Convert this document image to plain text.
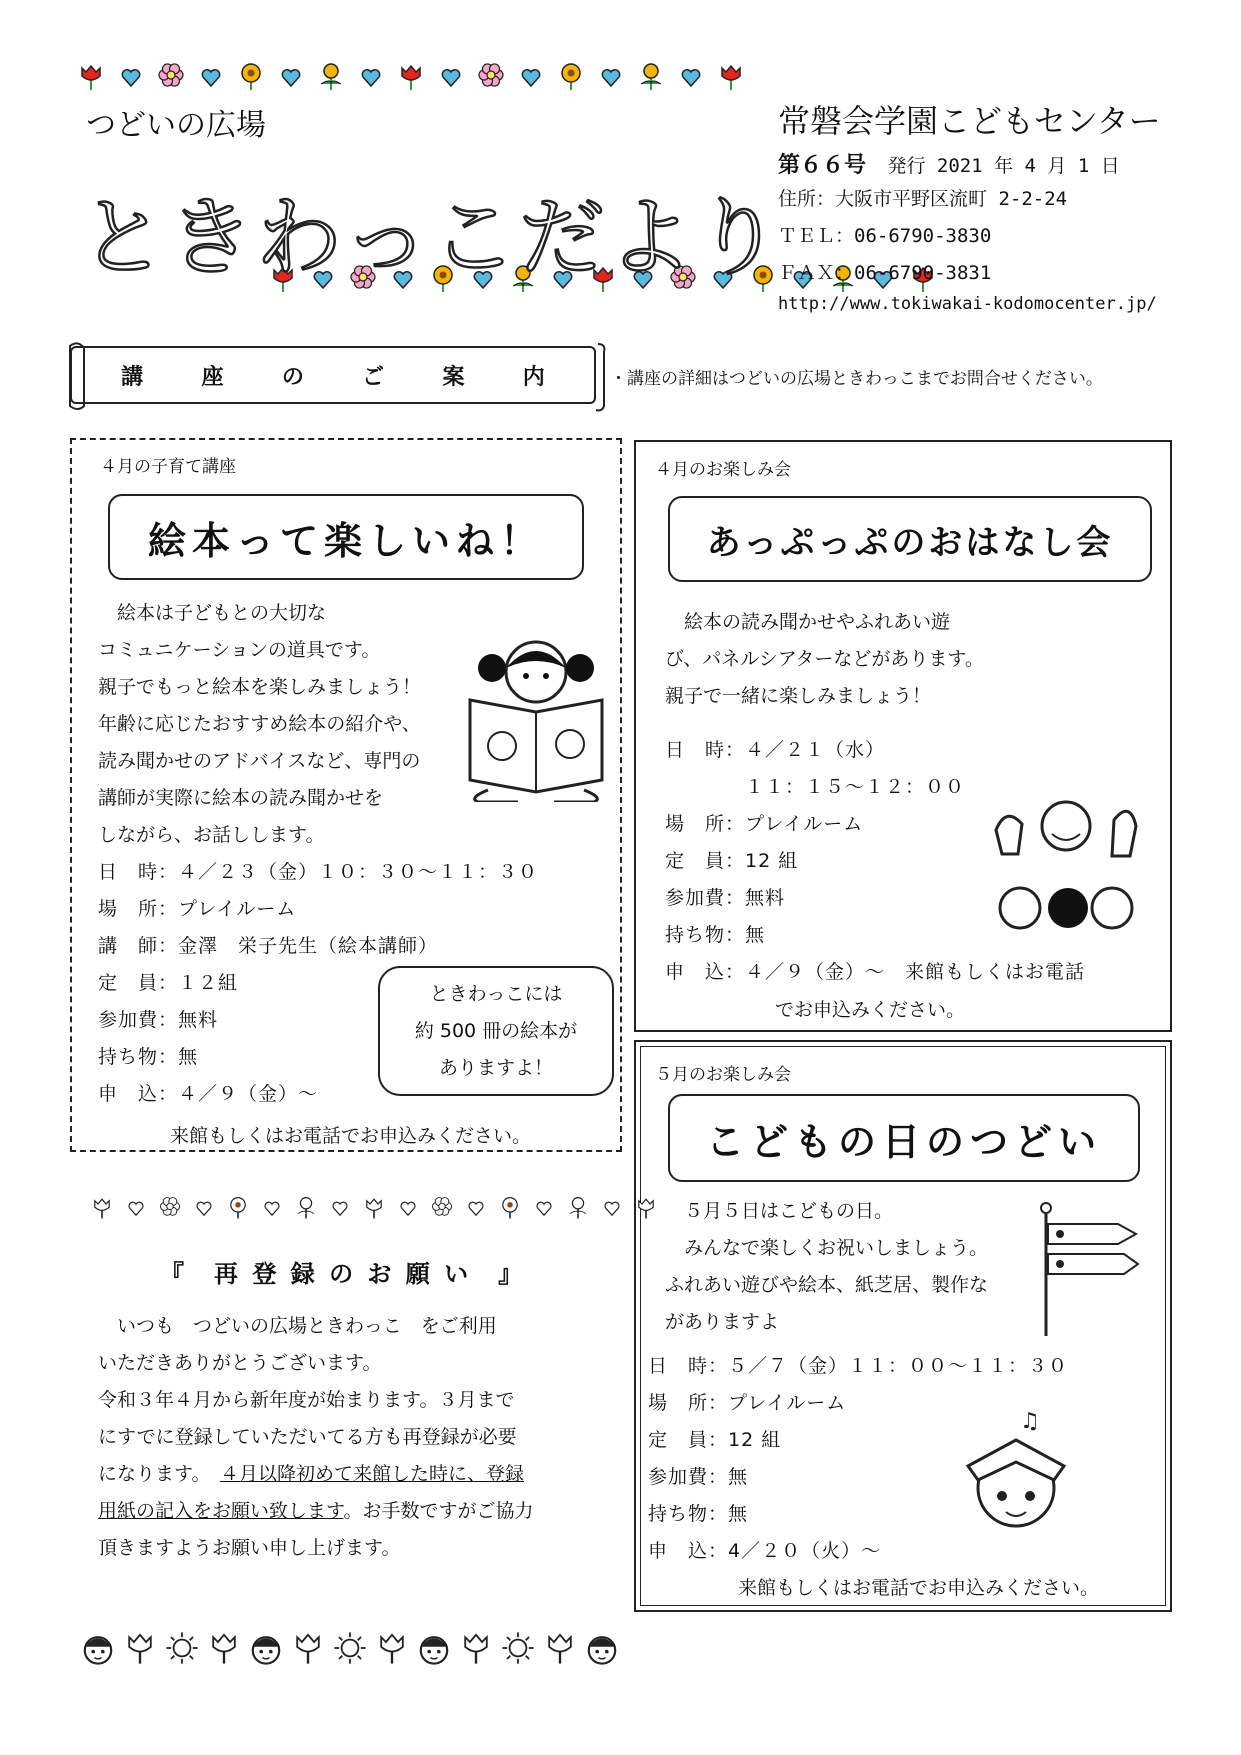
つどいの広場
ときわっこだより
常磐会学園こどもセンター
第６６号 発行 2021 年 4 月 1 日
住所：大阪市平野区流町 2-2-24
ＴＥＬ：06-6790-3830
ＦＡＸ：06-6790-3831
http://www.tokiwakai-kodomocenter.jp/
講	座	の	ご	案	内	・講座の詳細はつどいの広場ときわっこまでお問合せください。
４月の子育て講座
絵本って楽しいね！
　絵本は子どもとの大切な
コミュニケーションの道具です。
親子でもっと絵本を楽しみましょう！
年齢に応じたおすすめ絵本の紹介や、
読み聞かせのアドバイスなど、専門の
講師が実際に絵本の読み聞かせを
しながら、お話しします。
日　時：４／２３（金）１０：３０～１１：３０
場　所：プレイルーム
講　師：金澤　栄子先生（絵本講師）
定　員：１２組
参加費：無料
持ち物：無
申　込：４／９（金）～
来館もしくはお電話でお申込みください。
ときわっこには
約 500 冊の絵本が
ありますよ！
４月のお楽しみ会
あっぷっぷのおはなし会
　絵本の読み聞かせやふれあい遊
び、パネルシアターなどがあります。
親子で一緒に楽しみましょう！
日　時：４／２１（水）
　　　　１１：１５～１２：００
場　所：プレイルーム
定　員：12 組
参加費：無料
持ち物：無
申　込：４／９（金）～　来館もしくはお電話
でお申込みください。
５月のお楽しみ会
こどもの日のつどい
　５月５日はこどもの日。
　みんなで楽しくお祝いしましょう。
ふれあい遊びや絵本、紙芝居、製作な
がありますよ
日　時：５／７（金）１１：００～１１：３０
場　所：プレイルーム
定　員：12 組
参加費：無
持ち物：無
申　込：4／２０（火）～
来館もしくはお電話でお申込みください。
♫
『　再 登 録 の お 願 い　』
　いつも　つどいの広場ときわっこ　をご利用
いただきありがとうございます。
令和３年４月から新年度が始まります。３月まで
にすでに登録していただいてる方も再登録が必要
になります。　４月以降初めて来館した時に、登録
用紙の記入をお願い致します。お手数ですがご協力
頂きますようお願い申し上げます。
